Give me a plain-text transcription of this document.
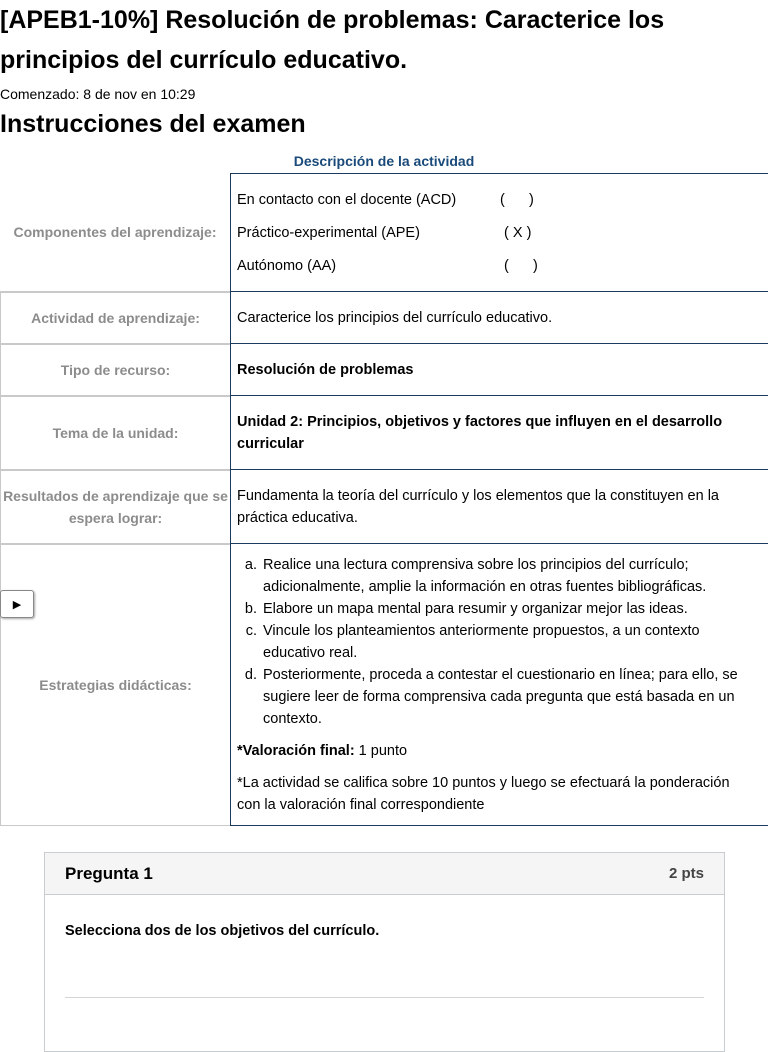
[APEB1-10%] Resolución de problemas: Caracterice los principios del currículo educativo.
Comenzado: 8 de nov en 10:29
Instrucciones del examen
Descripción de la actividad
Componentes del aprendizaje:
En contacto con el docente (ACD)	(      )
Práctico-experimental (APE)	( X )
Autónomo (AA)	(      )
Actividad de aprendizaje:	Caracterice los principios del currículo educativo.
Tipo de recurso:	Resolución de problemas
Tema de la unidad:
Unidad 2: Principios, objetivos y factores que influyen en el desarrollo curricular
Resultados de aprendizaje que se espera lograr:
Fundamenta la teoría del currículo y los elementos que la constituyen en la práctica educativa.
Estrategias didácticas:
a. Realice una lectura comprensiva sobre los principios del currículo; adicionalmente, amplie la información en otras fuentes bibliográficas.
b. Elabore un mapa mental para resumir y organizar mejor las ideas.
c. Vincule los planteamientos anteriormente propuestos, a un contexto educativo real.
d. Posteriormente, proceda a contestar el cuestionario en línea; para ello, se sugiere leer de forma comprensiva cada pregunta que está basada en un contexto.
*Valoración final: 1 punto
*La actividad se califica sobre 10 puntos y luego se efectuará la ponderación con la valoración final correspondiente
▶
Pregunta 1	2 pts
Selecciona dos de los objetivos del currículo.
